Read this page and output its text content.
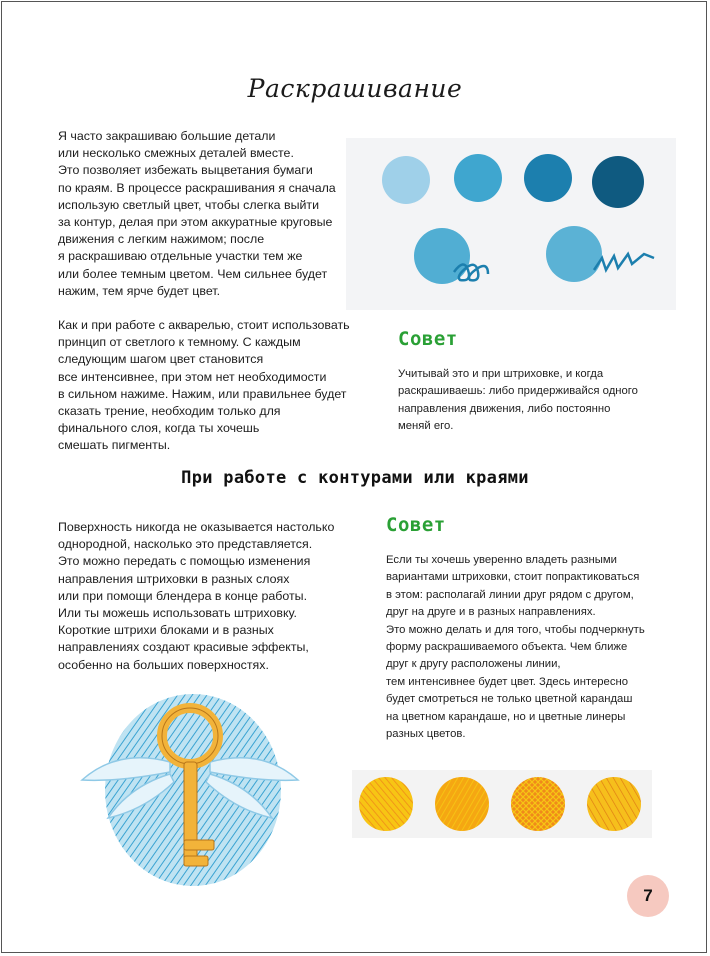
Раскрашивание

Я часто закрашиваю большие детали
или несколько смежных деталей вместе.
Это позволяет избежать выцветания бумаги
по краям. В процессе раскрашивания я сначала
использую светлый цвет, чтобы слегка выйти
за контур, делая при этом аккуратные круговые
движения с легким нажимом; после
я раскрашиваю отдельные участки тем же
или более темным цветом. Чем сильнее будет
нажим, тем ярче будет цвет.

Как и при работе с акварелью, стоит использовать
принцип от светлого к темному. С каждым
следующим шагом цвет становится
все интенсивнее, при этом нет необходимости
в сильном нажиме. Нажим, или правильнее будет
сказать трение, необходим только для
финального слоя, когда ты хочешь
смешать пигменты.

Совет
Учитывай это и при штриховке, и когда
раскрашиваешь: либо придерживайся одного
направления движения, либо постоянно
меняй его.
При работе с контурами или краями

Поверхность никогда не оказывается настолько
однородной, насколько это представляется.
Это можно передать с помощью изменения
направления штриховки в разных слоях
или при помощи блендера в конце работы.
Или ты можешь использовать штриховку.
Короткие штрихи блоками и в разных
направлениях создают красивые эффекты,
особенно на больших поверхностях.

Совет
Если ты хочешь уверенно владеть разными
вариантами штриховки, стоит попрактиковаться
в этом: располагай линии друг рядом с другом,
друг на друге и в разных направлениях.
Это можно делать и для того, чтобы подчеркнуть
форму раскрашиваемого объекта. Чем ближе
друг к другу расположены линии,
тем интенсивнее будет цвет. Здесь интересно
будет смотреться не только цветной карандаш
на цветном карандаше, но и цветные линеры
разных цветов.
7
